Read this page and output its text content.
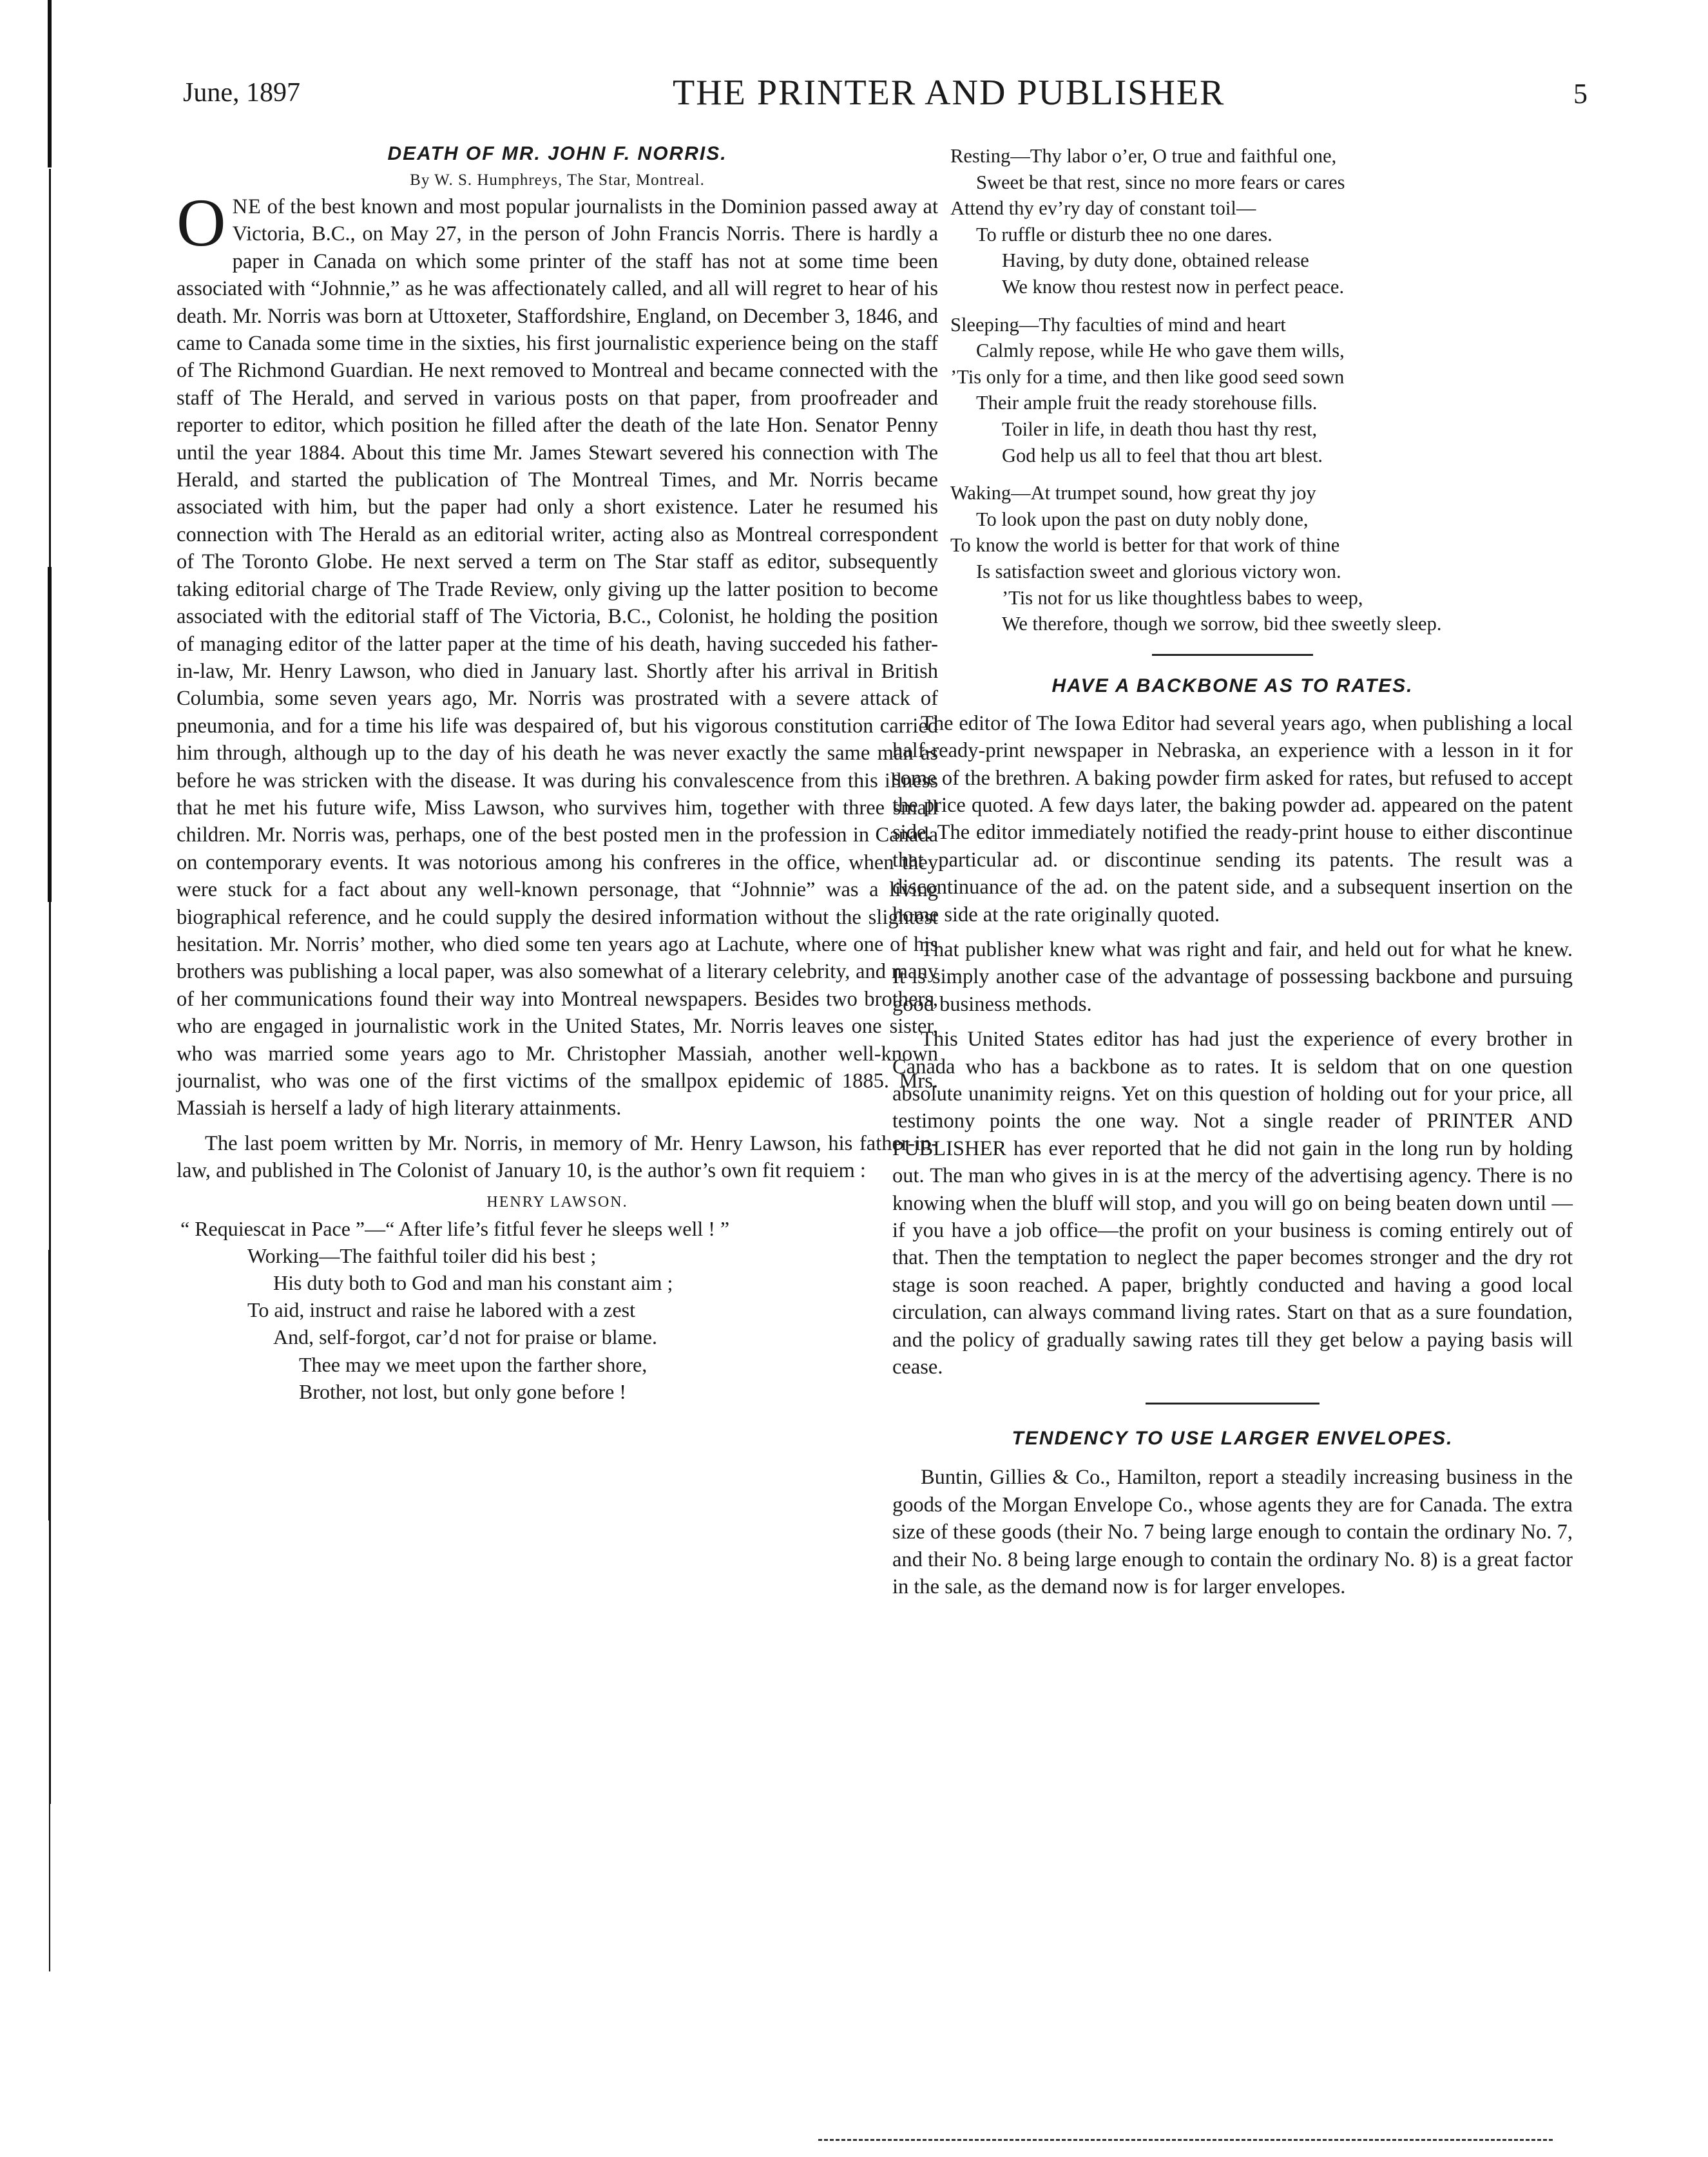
June, 1897	THE PRINTER AND PUBLISHER	5
DEATH OF MR. JOHN F. NORRIS.
By W. S. Humphreys, The Star, Montreal.

ONE of the best known and most popular journalists in the Dominion passed away at Victoria, B.C., on May 27, in the person of John Francis Norris. There is hardly a paper in Canada on which some printer of the staff has not at some time been associated with “Johnnie,” as he was affectionately called, and all will regret to hear of his death. Mr. Norris was born at Uttoxeter, Staffordshire, England, on December 3, 1846, and came to Canada some time in the sixties, his first journalistic experience being on the staff of The Richmond Guardian. He next removed to Montreal and became connected with the staff of The Herald, and served in various posts on that paper, from proofreader and reporter to editor, which position he filled after the death of the late Hon. Senator Penny until the year 1884. About this time Mr. James Stewart severed his connection with The Herald, and started the publication of The Montreal Times, and Mr. Norris became associated with him, but the paper had only a short existence. Later he resumed his connection with The Herald as an editorial writer, acting also as Montreal correspondent of The Toronto Globe. He next served a term on The Star staff as editor, subsequently taking editorial charge of The Trade Review, only giving up the latter position to become associated with the editorial staff of The Victoria, B.C., Colonist, he holding the position of managing editor of the latter paper at the time of his death, having succeded his father-in-law, Mr. Henry Lawson, who died in January last. Shortly after his arrival in British Columbia, some seven years ago, Mr. Norris was prostrated with a severe attack of pneumonia, and for a time his life was despaired of, but his vigorous constitution carried him through, although up to the day of his death he was never exactly the same man as before he was stricken with the disease. It was during his convalescence from this illness that he met his future wife, Miss Lawson, who survives him, together with three small children. Mr. Norris was, perhaps, one of the best posted men in the profession in Canada on contemporary events. It was notorious among his confreres in the office, when they were stuck for a fact about any well-known personage, that “Johnnie” was a living biographical reference, and he could supply the desired information without the slightest hesitation. Mr. Norris’ mother, who died some ten years ago at Lachute, where one of his brothers was publishing a local paper, was also somewhat of a literary celebrity, and many of her communications found their way into Montreal newspapers. Besides two brothers, who are engaged in journalistic work in the United States, Mr. Norris leaves one sister, who was married some years ago to Mr. Christopher Massiah, another well-known journalist, who was one of the first victims of the smallpox epidemic of 1885. Mrs. Massiah is herself a lady of high literary attainments.

The last poem written by Mr. Norris, in memory of Mr. Henry Lawson, his father-in-law, and published in The Colonist of January 10, is the author’s own fit requiem :

HENRY LAWSON.
“ Requiescat in Pace ”—“ After life’s fitful fever he sleeps well ! ”
Working—The faithful toiler did his best ;
His duty both to God and man his constant aim ;
To aid, instruct and raise he labored with a zest
And, self-forgot, car’d not for praise or blame.
Thee may we meet upon the farther shore,
Brother, not lost, but only gone before !
Resting—Thy labor o’er, O true and faithful one,
Sweet be that rest, since no more fears or cares
Attend thy ev’ry day of constant toil—
To ruffle or disturb thee no one dares.
Having, by duty done, obtained release
We know thou restest now in perfect peace.
Sleeping—Thy faculties of mind and heart
Calmly repose, while He who gave them wills,
’Tis only for a time, and then like good seed sown
Their ample fruit the ready storehouse fills.
Toiler in life, in death thou hast thy rest,
God help us all to feel that thou art blest.
Waking—At trumpet sound, how great thy joy
To look upon the past on duty nobly done,
To know the world is better for that work of thine
Is satisfaction sweet and glorious victory won.
’Tis not for us like thoughtless babes to weep,
We therefore, though we sorrow, bid thee sweetly sleep.
HAVE A BACKBONE AS TO RATES.

The editor of The Iowa Editor had several years ago, when publishing a local half-ready-print newspaper in Nebraska, an experience with a lesson in it for some of the brethren. A baking powder firm asked for rates, but refused to accept the price quoted. A few days later, the baking powder ad. appeared on the patent side. The editor immediately notified the ready-print house to either discontinue that particular ad. or discontinue sending its patents. The result was a discontinuance of the ad. on the patent side, and a subsequent insertion on the home side at the rate originally quoted.

That publisher knew what was right and fair, and held out for what he knew. It is simply another case of the advantage of possessing backbone and pursuing good business methods.

This United States editor has had just the experience of every brother in Canada who has a backbone as to rates. It is seldom that on one question absolute unanimity reigns. Yet on this question of holding out for your price, all testimony points the one way. Not a single reader of PRINTER AND PUBLISHER has ever reported that he did not gain in the long run by holding out. The man who gives in is at the mercy of the advertising agency. There is no knowing when the bluff will stop, and you will go on being beaten down until —if you have a job office—the profit on your business is coming entirely out of that. Then the temptation to neglect the paper becomes stronger and the dry rot stage is soon reached. A paper, brightly conducted and having a good local circulation, can always command living rates. Start on that as a sure foundation, and the policy of gradually sawing rates till they get below a paying basis will cease.

TENDENCY TO USE LARGER ENVELOPES.

Buntin, Gillies & Co., Hamilton, report a steadily increasing business in the goods of the Morgan Envelope Co., whose agents they are for Canada. The extra size of these goods (their No. 7 being large enough to contain the ordinary No. 7, and their No. 8 being large enough to contain the ordinary No. 8) is a great factor in the sale, as the demand now is for larger envelopes.
